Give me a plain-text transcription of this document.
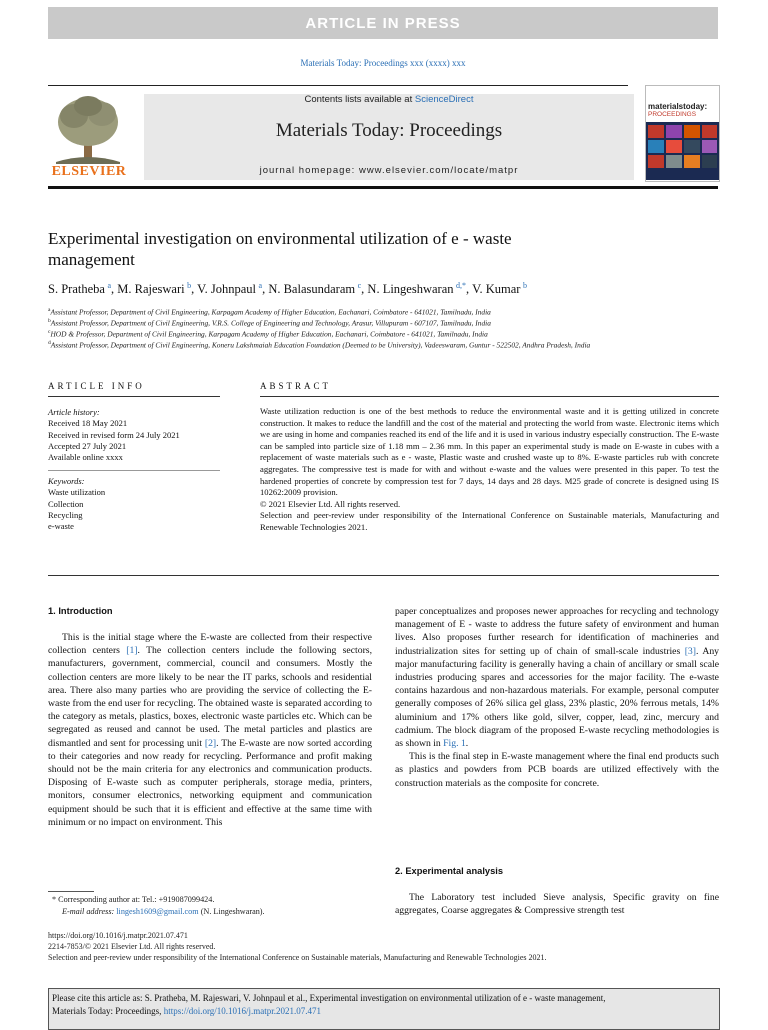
ARTICLE IN PRESS
Materials Today: Proceedings xxx (xxxx) xxx
ELSEVIER
Contents lists available at ScienceDirect
Materials Today: Proceedings
journal homepage: www.elsevier.com/locate/matpr
materialstoday:
PROCEEDINGS
Experimental investigation on environmental utilization of e - waste
management
S. Pratheba  $^a$, M. Rajeswari  $^b$, V. Johnpaul  $^a$, N. Balasundaram  $^c$, N. Lingeshwaran  $^{d,*}$, V. Kumar  $^b$
$^a$Assistant Professor, Department of Civil Engineering, Karpagam Academy of Higher Education, Eachanari, Coimbatore - 641021, Tamilnadu, India
$^b$Assistant Professor, Department of Civil Engineering, V.R.S. College of Engineering and Technology, Arasur, Villupuram - 607107, Tamilnadu, India
$^c$HOD & Professor, Department of Civil Engineering, Karpagam Academy of Higher Education, Eachanari, Coimbatore - 641021, Tamilnadu, India
$^d$Assistant Professor, Department of Civil Engineering, Koneru Lakshmaiah Education Foundation (Deemed to be University), Vadeeswaram, Guntur - 522502, Andhra Pradesh, India
ARTICLE INFO
Article history:
Received 18 May 2021
Received in revised form 24 July 2021
Accepted 27 July 2021
Available online xxxx
Keywords:
Waste utilization
Collection
Recycling
e-waste
ABSTRACT
Waste utilization reduction is one of the best methods to reduce the environmental waste and it is getting utilized in concrete construction. It makes to reduce the landfill and the cost of the material and protecting the world from waste. Electronic items which we are using in home and companies reached its end of the life and it is used in various industry especially construction. The E-waste can be sampled into particle size of 1.18 mm – 2.36 mm. In this paper an experimental study is made on E-waste in cubes with a replacement of waste materials such as e - waste, Plastic waste and crushed waste up to 8%. E-waste particles rub with concrete aggregates. The compressive test is made for with and without e-waste and the values were presented in this paper. To test the hardened properties of concrete by compression test for 7 days, 14 days and 28 days. M25 grade of concrete is designed using IS 10262:2009 provision.
© 2021 Elsevier Ltd. All rights reserved.
Selection and peer-review under responsibility of the International Conference on Sustainable materials, Manufacturing and Renewable Technologies 2021.
1. Introduction

This is the initial stage where the E-waste are collected from their respective collection centers [1]. The collection centers include the following sectors, manufacturers, government, commercial, council and consumers. Mostly the collection centers are more likely to be near the IT parks, schools and residential area. There also many parties who are providing the service of collecting the E-waste from the end user for recycling. The obtained waste is separated according to the category as metals, plastics, boxes, electronic waste particles etc. Which can be segregated as reused and cannot be used. The metal particles and plastics are dismantled and sent for processing unit [2]. The E-waste are now sorted according to their categories and now ready for recycling. Performance and profit making should not be the main criteria for any electronics and communication products. Disposing of E-waste such as computer peripherals, storage media, printers, monitors, consumer electronics, networking equipment and communication equipment should be such that it is efficient and effective at the same time with minimum or no impact on environment. This

paper conceptualizes and proposes newer approaches for recycling and technology management of E - waste to address the future safety of environment and human lives. Also proposes further research for identification of machineries and industrialization sites for setting up of chain of small-scale industries [3]. Any major manufacturing facility is generally having a chain of ancillary or small scale industries producing spares and accessories for the major facility. The e-waste contains hazardous and non-hazardous materials. For example, personal computer generally composes of 26% silica gel glass, 23% plastic, 20% ferrous metals, 14% aluminium and 17% others like gold, silver, copper, lead, zinc, mercury and cadmium. The block diagram of the proposed E-waste recycling methodologies is as shown in Fig. 1.

This is the final step in E-waste management where the final end products such as plastics and powders from PCB boards are utilized effectively with the construction materials as the composite for concrete.

2. Experimental analysis

The Laboratory test included Sieve analysis, Specific gravity on fine aggregates, Coarse aggregates & Compressive strength test

* Corresponding author at: Tel.: +919087099424.
E-mail address: lingesh1609@gmail.com (N. Lingeshwaran).
https://doi.org/10.1016/j.matpr.2021.07.471
2214-7853/© 2021 Elsevier Ltd. All rights reserved.
Selection and peer-review under responsibility of the International Conference on Sustainable materials, Manufacturing and Renewable Technologies 2021.
Please cite this article as: S. Pratheba, M. Rajeswari, V. Johnpaul et al., Experimental investigation on environmental utilization of e - waste management,
Materials Today: Proceedings, https://doi.org/10.1016/j.matpr.2021.07.471
